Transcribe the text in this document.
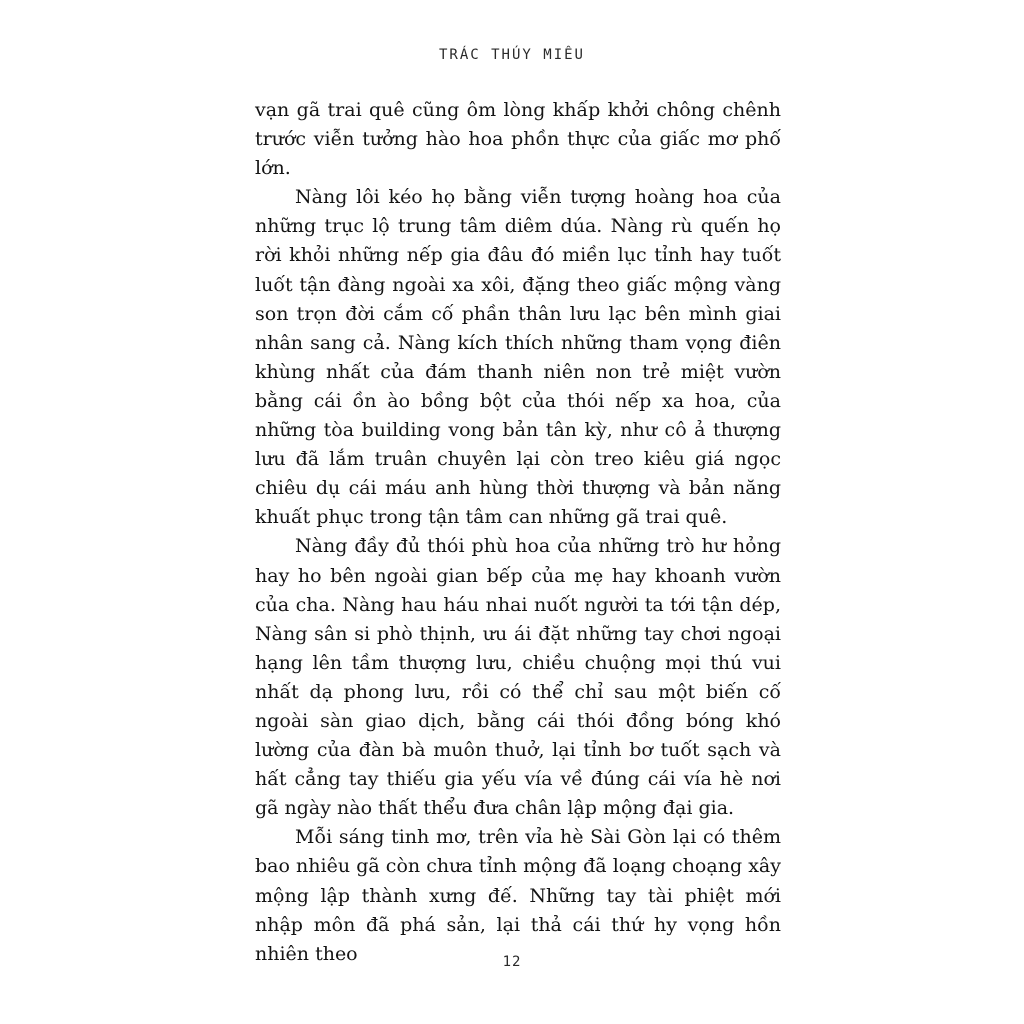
TRÁC THÚY MIÊU

vạn gã trai quê cũng ôm lòng khấp khởi chông chênh trước viễn tưởng hào hoa phồn thực của giấc mơ phố lớn.

Nàng lôi kéo họ bằng viễn tượng hoàng hoa của những trục lộ trung tâm diêm dúa. Nàng rù quến họ rời khỏi những nếp gia đâu đó miền lục tỉnh hay tuốt luốt tận đàng ngoài xa xôi, đặng theo giấc mộng vàng son trọn đời cắm cố phần thân lưu lạc bên mình giai nhân sang cả. Nàng kích thích những tham vọng điên khùng nhất của đám thanh niên non trẻ miệt vườn bằng cái ồn ào bồng bột của thói nếp xa hoa, của những tòa building vong bản tân kỳ, như cô ả thượng lưu đã lắm truân chuyên lại còn treo kiêu giá ngọc chiêu dụ cái máu anh hùng thời thượng và bản năng khuất phục trong tận tâm can những gã trai quê.

Nàng đầy đủ thói phù hoa của những trò hư hỏng hay ho bên ngoài gian bếp của mẹ hay khoanh vườn của cha. Nàng hau háu nhai nuốt người ta tới tận dép, Nàng sân si phò thịnh, ưu ái đặt những tay chơi ngoại hạng lên tầm thượng lưu, chiều chuộng mọi thú vui nhất dạ phong lưu, rồi có thể chỉ sau một biến cố ngoài sàn giao dịch, bằng cái thói đồng bóng khó lường của đàn bà muôn thuở, lại tỉnh bơ tuốt sạch và hất cẳng tay thiếu gia yếu vía về đúng cái vía hè nơi gã ngày nào thất thểu đưa chân lập mộng đại gia.

Mỗi sáng tinh mơ, trên vỉa hè Sài Gòn lại có thêm bao nhiêu gã còn chưa tỉnh mộng đã loạng choạng xây mộng lập thành xưng đế. Những tay tài phiệt mới nhập môn đã phá sản, lại thả cái thứ hy vọng hồn nhiên theo	12
